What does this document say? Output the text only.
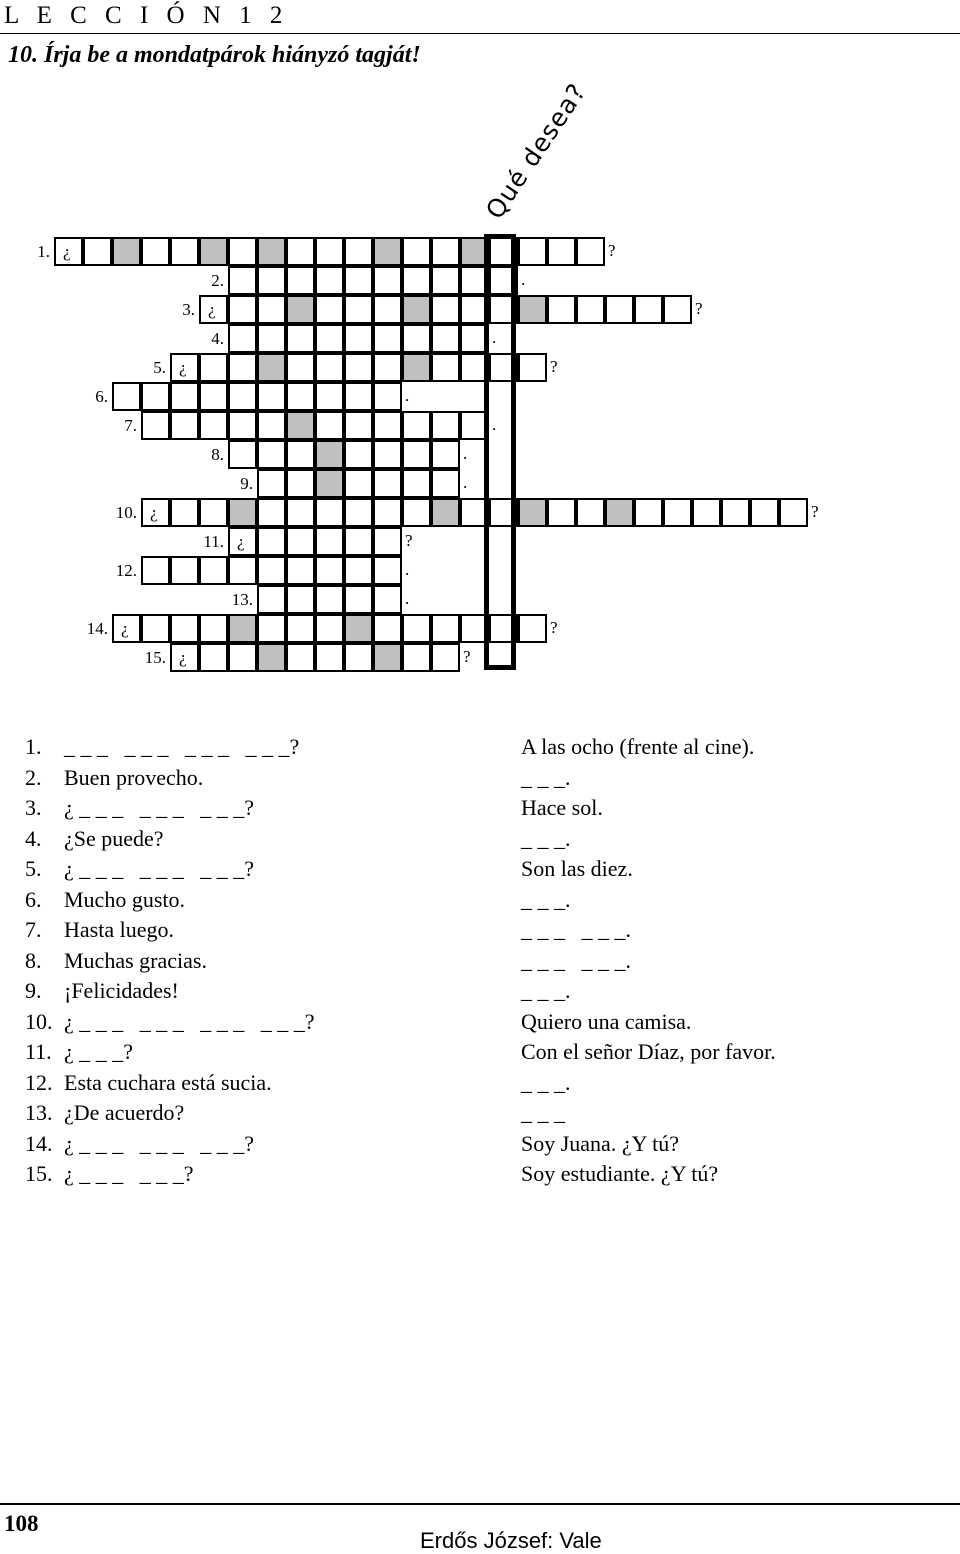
L E C C I Ó N 1 2
10. Írja be a mondatpárok hiányzó tagját!
Qué desea?
1. ¿	?
2.	.
3. ¿	?
4.	.
5. ¿	?
6.	.
7.	.
8.	.
9.	.
10. ¿	?
11. ¿	?
12.	.
13.	.
14. ¿	?
15. ¿	?
1. _ _ _   _ _ _   _ _ _   _ _ _?	A las ocho (frente al cine).
2. Buen provecho.	_ _ _.
3. ¿ _ _ _   _ _ _   _ _ _?	Hace sol.
4. ¿Se puede?	_ _ _.
5. ¿ _ _ _   _ _ _   _ _ _?	Son las diez.
6. Mucho gusto.	_ _ _.
7. Hasta luego.	_ _ _   _ _ _.
8. Muchas gracias.	_ _ _   _ _ _.
9. ¡Felicidades!	_ _ _.
10. ¿ _ _ _   _ _ _   _ _ _   _ _ _?	Quiero una camisa.
11. ¿ _ _ _?	Con el señor Díaz, por favor.
12. Esta cuchara está sucia.	_ _ _.
13. ¿De acuerdo?	_ _ _
14. ¿ _ _ _   _ _ _   _ _ _?	Soy Juana. ¿Y tú?
15. ¿ _ _ _   _ _ _?	Soy estudiante. ¿Y tú?
108
Erdős József: Vale
